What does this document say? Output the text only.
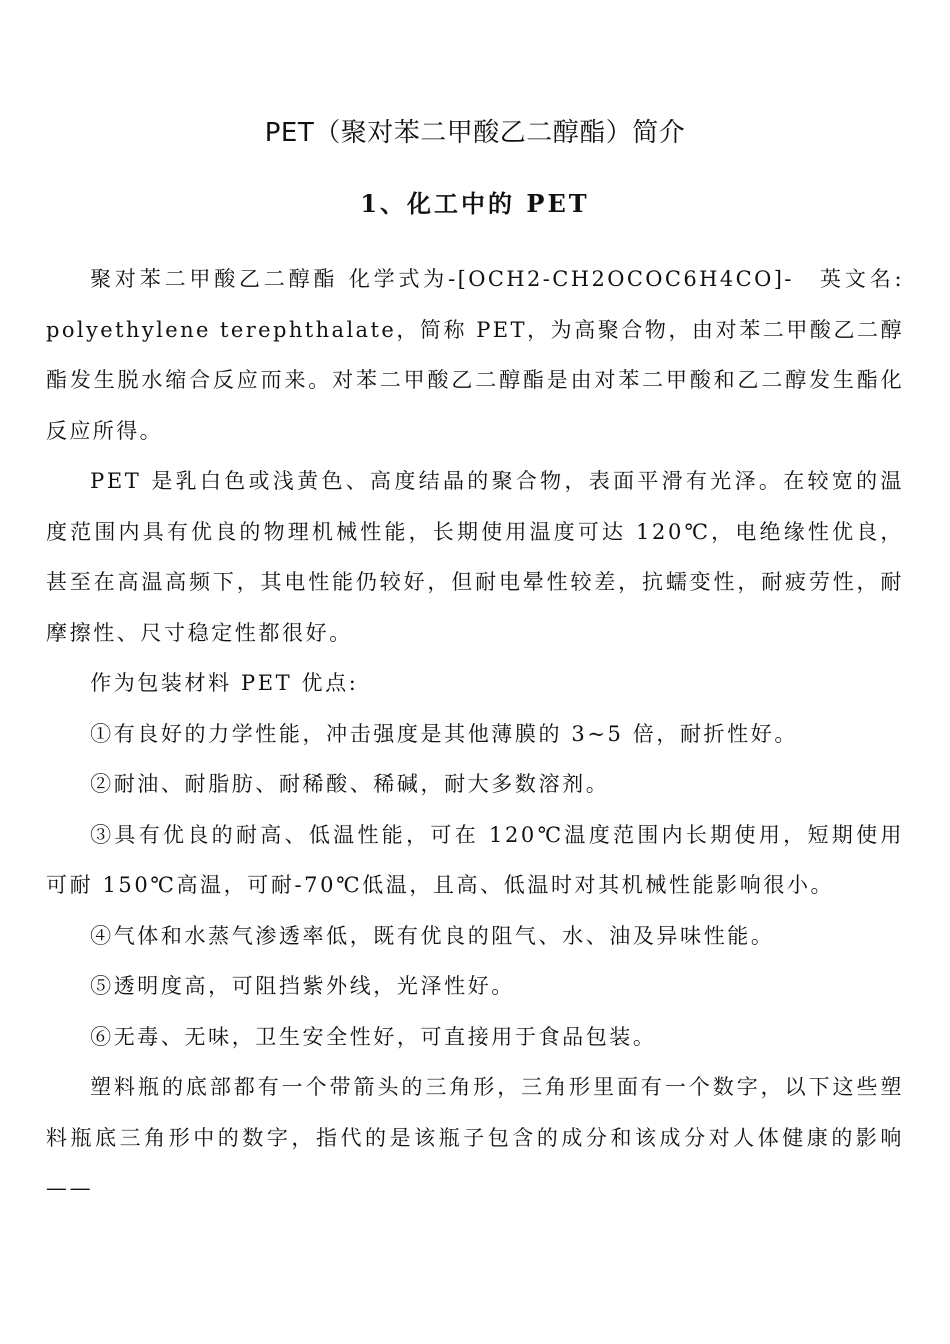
PET（聚对苯二甲酸乙二醇酯）简介
1、化工中的 PET

聚对苯二甲酸乙二醇酯 化学式为-[OCH2-CH2OCOC6H4CO]-　英文名: polyethylene terephthalate，简称 PET，为高聚合物，由对苯二甲酸乙二醇酯发生脱水缩合反应而来。对苯二甲酸乙二醇酯是由对苯二甲酸和乙二醇发生酯化反应所得。

PET 是乳白色或浅黄色、高度结晶的聚合物，表面平滑有光泽。在较宽的温度范围内具有优良的物理机械性能，长期使用温度可达 120℃，电绝缘性优良，甚至在高温高频下，其电性能仍较好，但耐电晕性较差，抗蠕变性，耐疲劳性，耐摩擦性、尺寸稳定性都很好。

作为包装材料 PET 优点:

①有良好的力学性能，冲击强度是其他薄膜的 3~5 倍，耐折性好。

②耐油、耐脂肪、耐稀酸、稀碱，耐大多数溶剂。

③具有优良的耐高、低温性能，可在 120℃温度范围内长期使用，短期使用可耐 150℃高温，可耐-70℃低温，且高、低温时对其机械性能影响很小。

④气体和水蒸气渗透率低，既有优良的阻气、水、油及异味性能。

⑤透明度高，可阻挡紫外线，光泽性好。

⑥无毒、无味，卫生安全性好，可直接用于食品包装。

塑料瓶的底部都有一个带箭头的三角形，三角形里面有一个数字，以下这些塑料瓶底三角形中的数字，指代的是该瓶子包含的成分和该成分对人体健康的影响 ——
